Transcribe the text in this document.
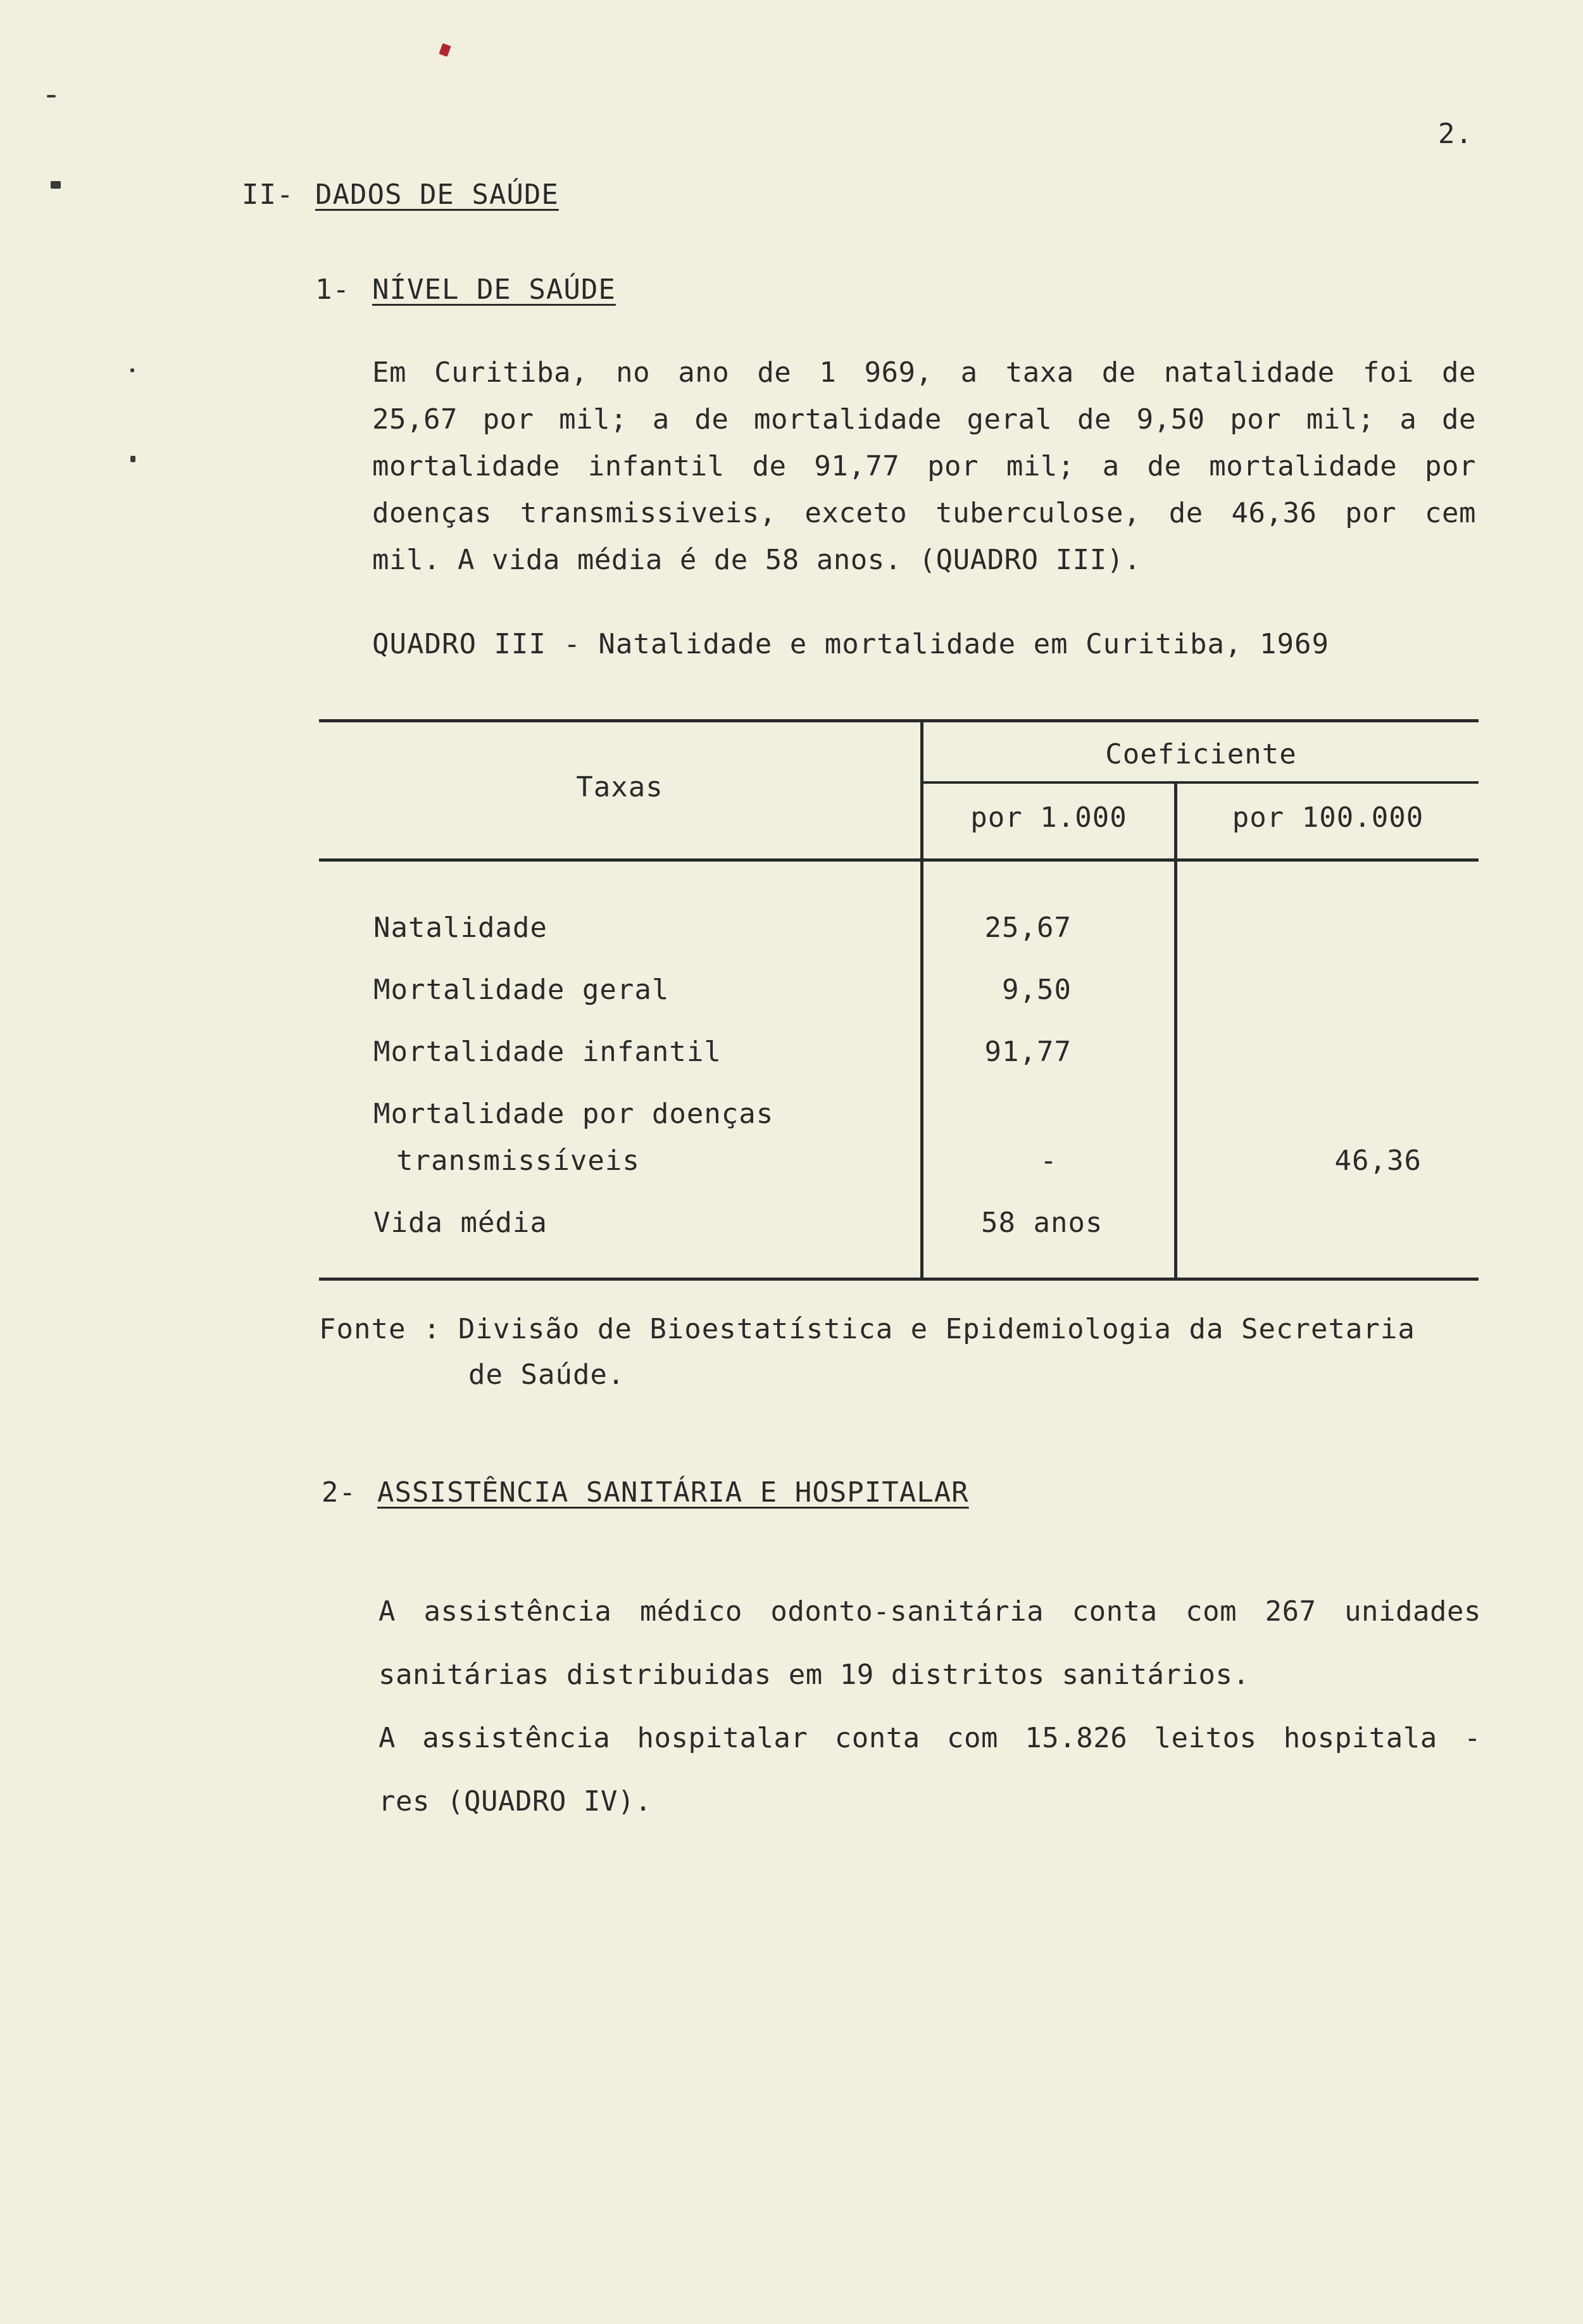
2.
II- DADOS DE SAÚDE
1- NÍVEL DE SAÚDE
Em Curitiba, no ano de 1 969, a taxa de natalidade foi de
25,67 por mil; a de mortalidade geral de 9,50 por mil; a de
mortalidade infantil de 91,77 por mil; a de mortalidade por
doenças transmissiveis, exceto tuberculose, de 46,36 por cem
mil. A vida média é de 58 anos. (QUADRO III).
QUADRO III - Natalidade e mortalidade em Curitiba, 1969
Taxas
Coeficiente
por 1.000	por 100.000
Natalidade	25,67
Mortalidade geral	9,50
Mortalidade infantil	91,77
Mortalidade por doenças
transmissíveis	-	46,36
Vida média	58 anos
Fonte : Divisão de Bioestatística e Epidemiologia da Secretaria
de Saúde.
2- ASSISTÊNCIA SANITÁRIA E HOSPITALAR
A assistência médico odonto-sanitária conta com 267 unidades
sanitárias distribuidas em 19 distritos sanitários.
A assistência hospitalar conta com 15.826 leitos hospitala -
res (QUADRO IV).
